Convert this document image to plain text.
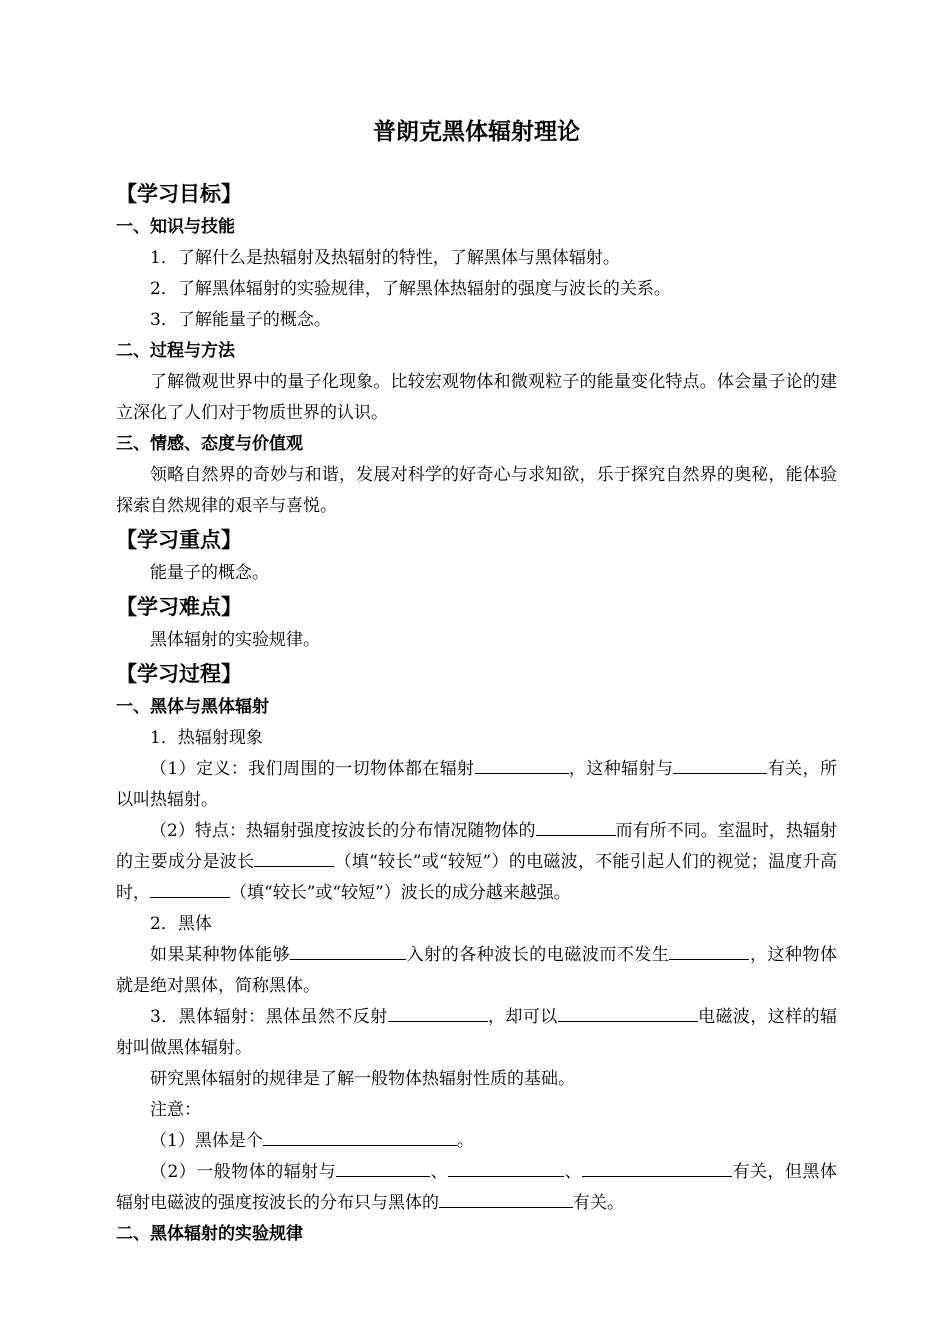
普朗克黑体辐射理论
【学习目标】
一、知识与技能

1．了解什么是热辐射及热辐射的特性，了解黑体与黑体辐射。

2．了解黑体辐射的实验规律，了解黑体热辐射的强度与波长的关系。

3．了解能量子的概念。

二、过程与方法

了解微观世界中的量子化现象。比较宏观物体和微观粒子的能量变化特点。体会量子论的建立深化了人们对于物质世界的认识。

三、情感、态度与价值观

领略自然界的奇妙与和谐，发展对科学的好奇心与求知欲，乐于探究自然界的奥秘，能体验探索自然规律的艰辛与喜悦。

【学习重点】

能量子的概念。

【学习难点】

黑体辐射的实验规律。

【学习过程】
一、黑体与黑体辐射

1．热辐射现象

（1）定义：我们周围的一切物体都在辐射	，这种辐射与	有关，所以叫热辐射。

（2）特点：热辐射强度按波长的分布情况随物体的	而有所不同。室温时，热辐射的主要成分是波长	（填“较长”或“较短”）的电磁波，不能引起人们的视觉；温度升高时，	（填“较长”或“较短”）波长的成分越来越强。

2．黑体

如果某种物体能够	入射的各种波长的电磁波而不发生	，这种物体就是绝对黑体，简称黑体。

3．黑体辐射：黑体虽然不反射	，却可以	电磁波，这样的辐射叫做黑体辐射。

研究黑体辐射的规律是了解一般物体热辐射性质的基础。

注意：

（1）黑体是个	。

（2）一般物体的辐射与	、	、	有关，但黑体辐射电磁波的强度按波长的分布只与黑体的	有关。

二、黑体辐射的实验规律
